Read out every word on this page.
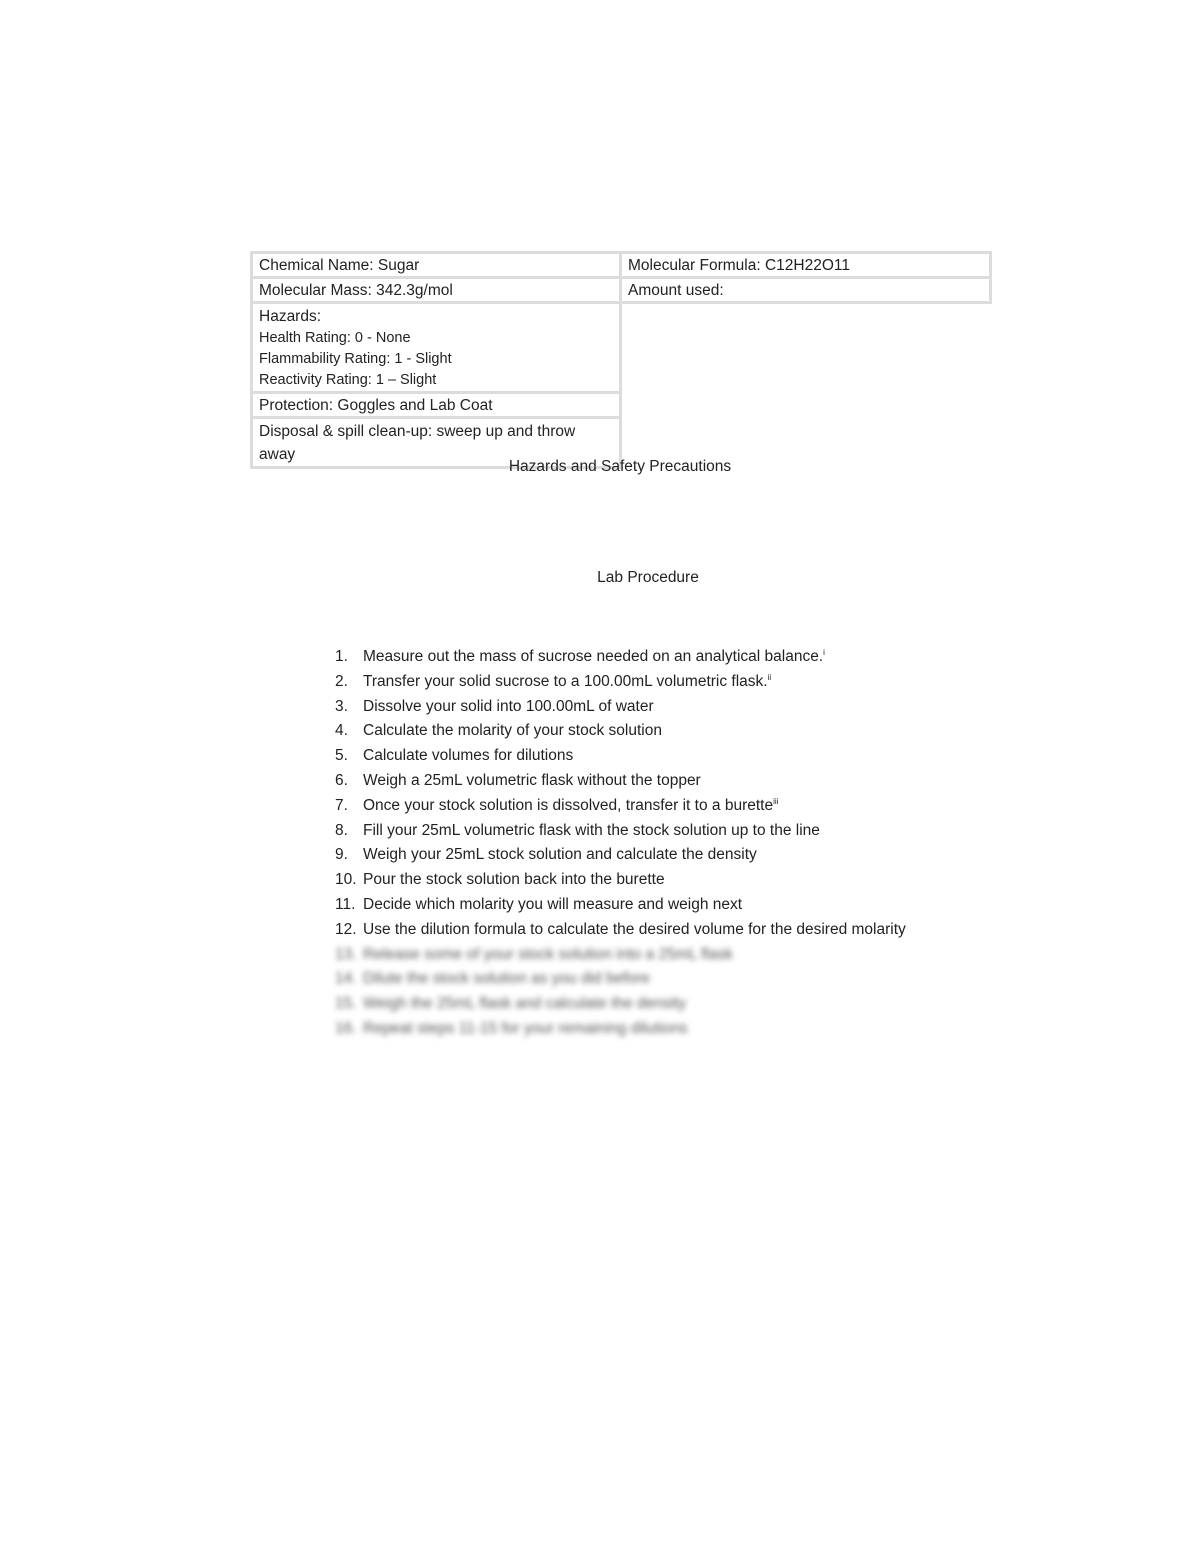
Chemical Name: Sugar	Molecular Formula: C12H22O11
Molecular Mass: 342.3g/mol	Amount used:

Hazards:
Health Rating: 0 - None
Flammability Rating: 1 - Slight
Reactivity Rating: 1 – Slight	

Protection: Goggles and Lab Coat	
Disposal & spill clean-up: sweep up and throw away	
Hazards and Safety Precautions
Lab Procedure
1. Measure out the mass of sucrose needed on an analytical balance.$^i$
2. Transfer your solid sucrose to a 100.00mL volumetric flask.$^{ii}$
3. Dissolve your solid into 100.00mL of water
4. Calculate the molarity of your stock solution
5. Calculate volumes for dilutions
6. Weigh a 25mL volumetric flask without the topper
7. Once your stock solution is dissolved, transfer it to a burette$^{iii}$
8. Fill your 25mL volumetric flask with the stock solution up to the line
9. Weigh your 25mL stock solution and calculate the density
10. Pour the stock solution back into the burette
11. Decide which molarity you will measure and weigh next
12. Use the dilution formula to calculate the desired volume for the desired molarity
13. Release some of your stock solution into a 25mL flask
14. Dilute the stock solution as you did before
15. Weigh the 25mL flask and calculate the density
16. Repeat steps 11-15 for your remaining dilutions
